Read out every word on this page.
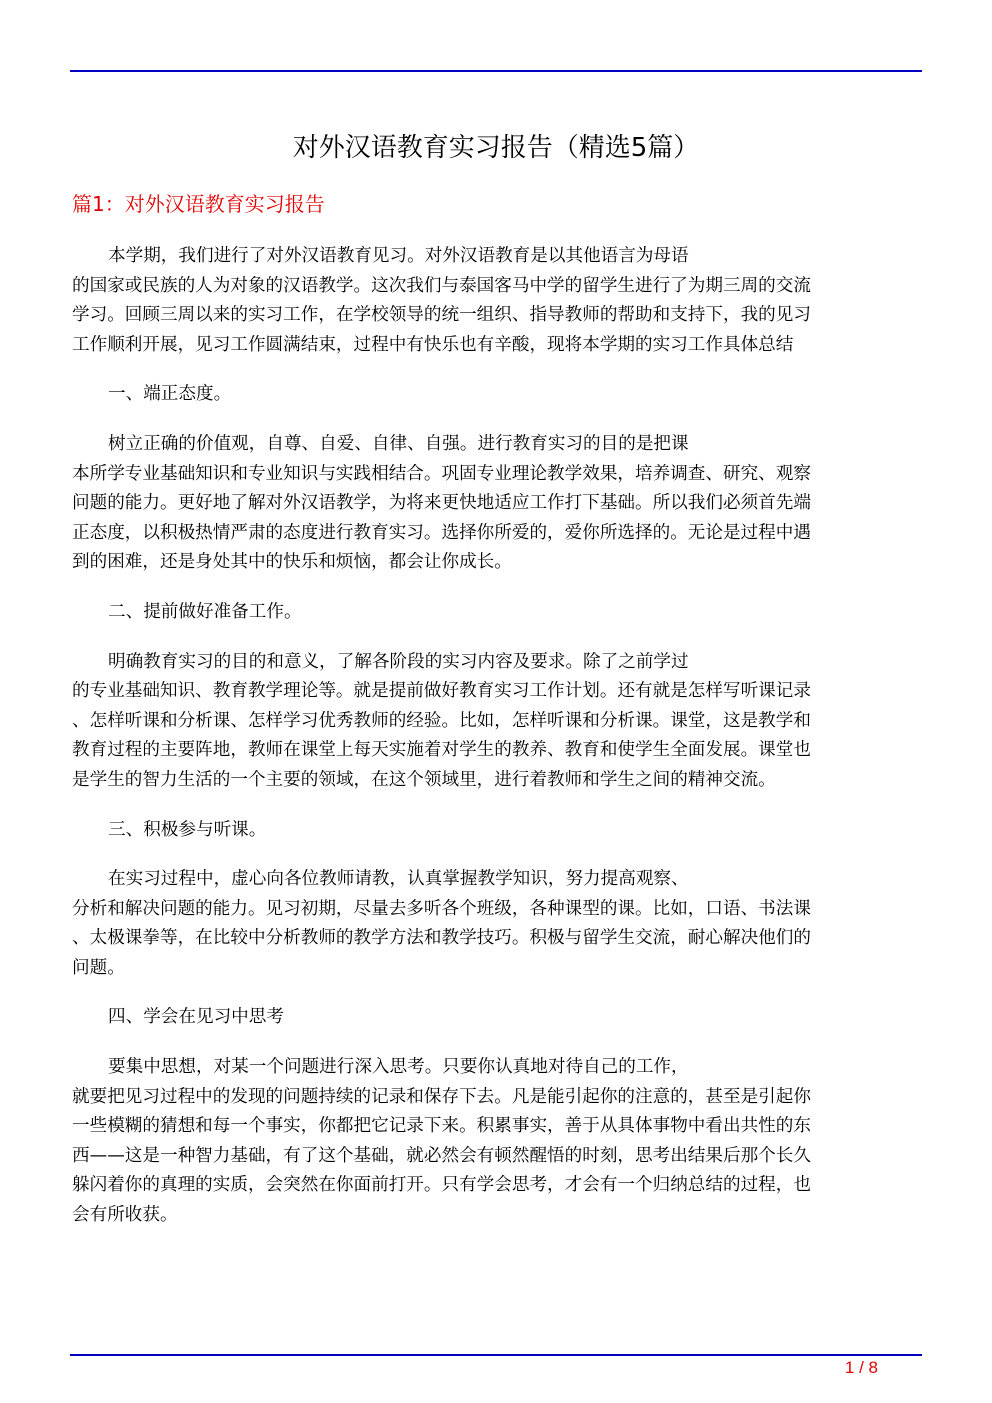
对外汉语教育实习报告（精选5篇）
篇1：对外汉语教育实习报告
本学期，我们进行了对外汉语教育见习。对外汉语教育是以其他语言为母语
的国家或民族的人为对象的汉语教学。这次我们与泰国客马中学的留学生进行了为期三周的交流
学习。回顾三周以来的实习工作，在学校领导的统一组织、指导教师的帮助和支持下，我的见习
工作顺利开展，见习工作圆满结束，过程中有快乐也有辛酸，现将本学期的实习工作具体总结
一、端正态度。
树立正确的价值观，自尊、自爱、自律、自强。进行教育实习的目的是把课
本所学专业基础知识和专业知识与实践相结合。巩固专业理论教学效果，培养调查、研究、观察
问题的能力。更好地了解对外汉语教学，为将来更快地适应工作打下基础。所以我们必须首先端
正态度，以积极热情严肃的态度进行教育实习。选择你所爱的，爱你所选择的。无论是过程中遇
到的困难，还是身处其中的快乐和烦恼，都会让你成长。
二、提前做好准备工作。
明确教育实习的目的和意义，了解各阶段的实习内容及要求。除了之前学过
的专业基础知识、教育教学理论等。就是提前做好教育实习工作计划。还有就是怎样写听课记录
、怎样听课和分析课、怎样学习优秀教师的经验。比如，怎样听课和分析课。课堂，这是教学和
教育过程的主要阵地，教师在课堂上每天实施着对学生的教养、教育和使学生全面发展。课堂也
是学生的智力生活的一个主要的领域，在这个领域里，进行着教师和学生之间的精神交流。
三、积极参与听课。
在实习过程中，虚心向各位教师请教，认真掌握教学知识，努力提高观察、
分析和解决问题的能力。见习初期，尽量去多听各个班级，各种课型的课。比如，口语、书法课
、太极课拳等，在比较中分析教师的教学方法和教学技巧。积极与留学生交流，耐心解决他们的
问题。
四、学会在见习中思考
要集中思想，对某一个问题进行深入思考。只要你认真地对待自己的工作，
就要把见习过程中的发现的问题持续的记录和保存下去。凡是能引起你的注意的，甚至是引起你
一些模糊的猜想和每一个事实，你都把它记录下来。积累事实，善于从具体事物中看出共性的东
西——这是一种智力基础，有了这个基础，就必然会有顿然醒悟的时刻，思考出结果后那个长久
躲闪着你的真理的实质，会突然在你面前打开。只有学会思考，才会有一个归纳总结的过程，也
会有所收获。
1 / 8
